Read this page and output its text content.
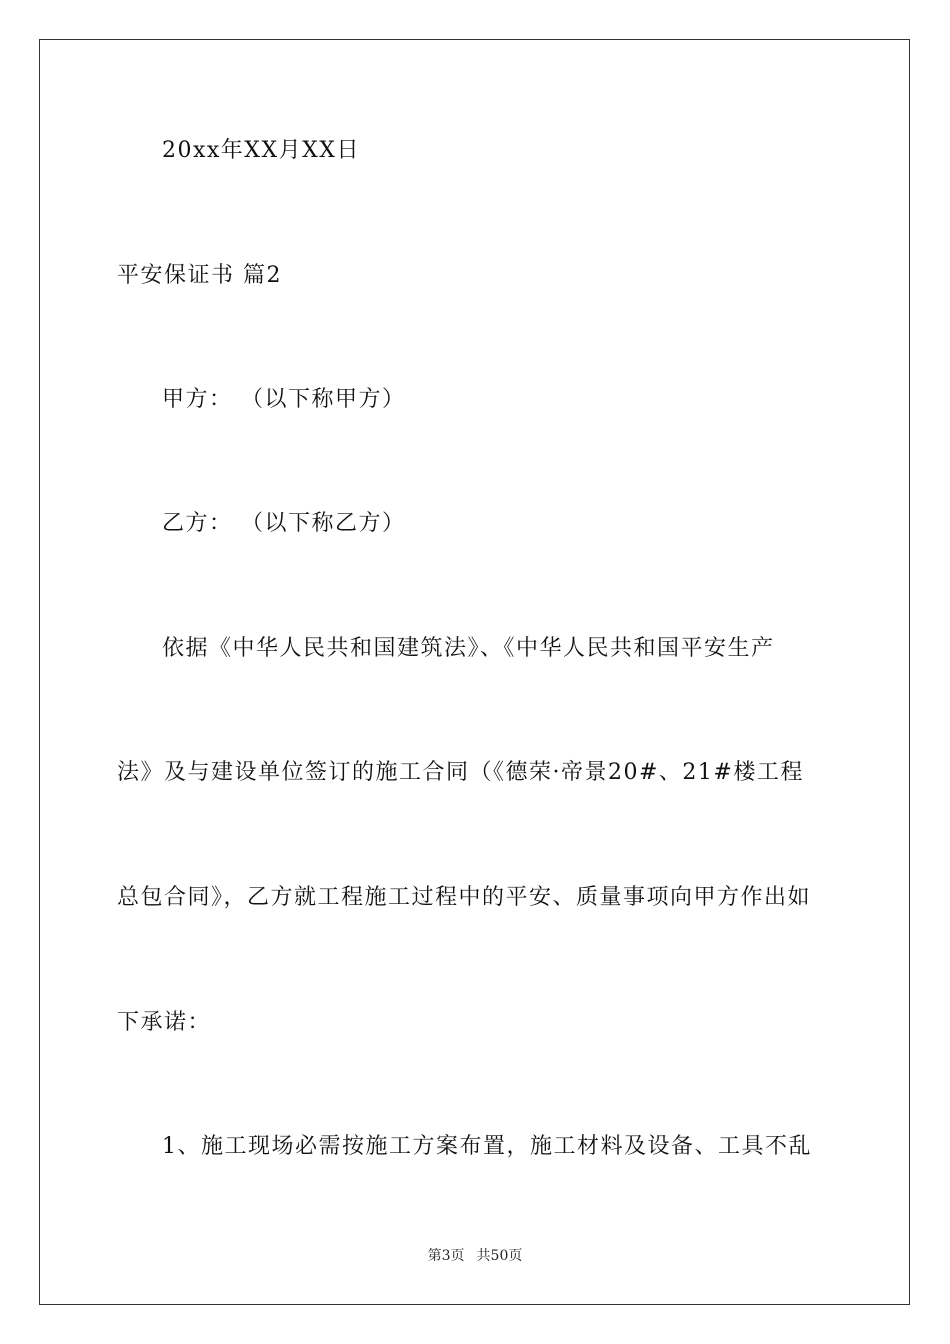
20xx年XX月XX日
平安保证书 篇2
甲方： （以下称甲方）
乙方： （以下称乙方）
依据《中华人民共和国建筑法》、《中华人民共和国平安生产
法》及与建设单位签订的施工合同（《德荣·帝景20#、21#楼工程
总包合同》，乙方就工程施工过程中的平安、质量事项向甲方作出如
下承诺：
1、施工现场必需按施工方案布置，施工材料及设备、工具不乱
第3页 共50页
